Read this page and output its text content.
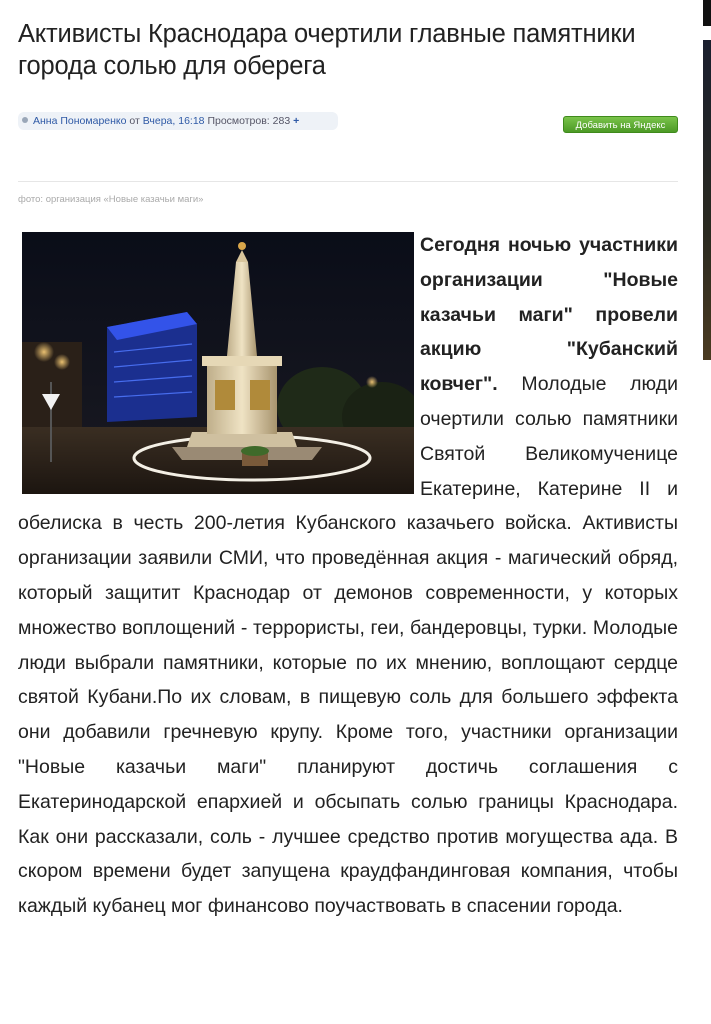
Активисты Краснодара очертили главные памятники города солью для оберега
Анна Пономаренко от Вчера, 16:18 Просмотров: 283 +	Добавить на Яндекс
фото: организация «Новые казачьи маги»
Сегодня ночью участники организации "Новые казачьи маги" провели акцию "Кубанский ковчег". Молодые люди очертили солью памятники Святой Великомученице Екатерине, Катерине II и обелиска в честь 200-летия Кубанского казачьего войска. Активисты организации заявили СМИ, что проведённая акция - магический обряд, который защитит Краснодар от демонов современности, у которых множество воплощений - террористы, геи, бандеровцы, турки. Молодые люди выбрали памятники, которые по их мнению, воплощают сердце святой Кубани.По их словам, в пищевую соль для большего эффекта они добавили гречневую крупу. Кроме того, участники организации "Новые казачьи маги" планируют достичь соглашения с Екатеринодарской епархией и обсыпать солью границы Краснодара. Как они рассказали, соль - лучшее средство против могущества ада. В скором времени будет запущена краудфандинговая компания, чтобы каждый кубанец мог финансово поучаствовать в спасении города.
